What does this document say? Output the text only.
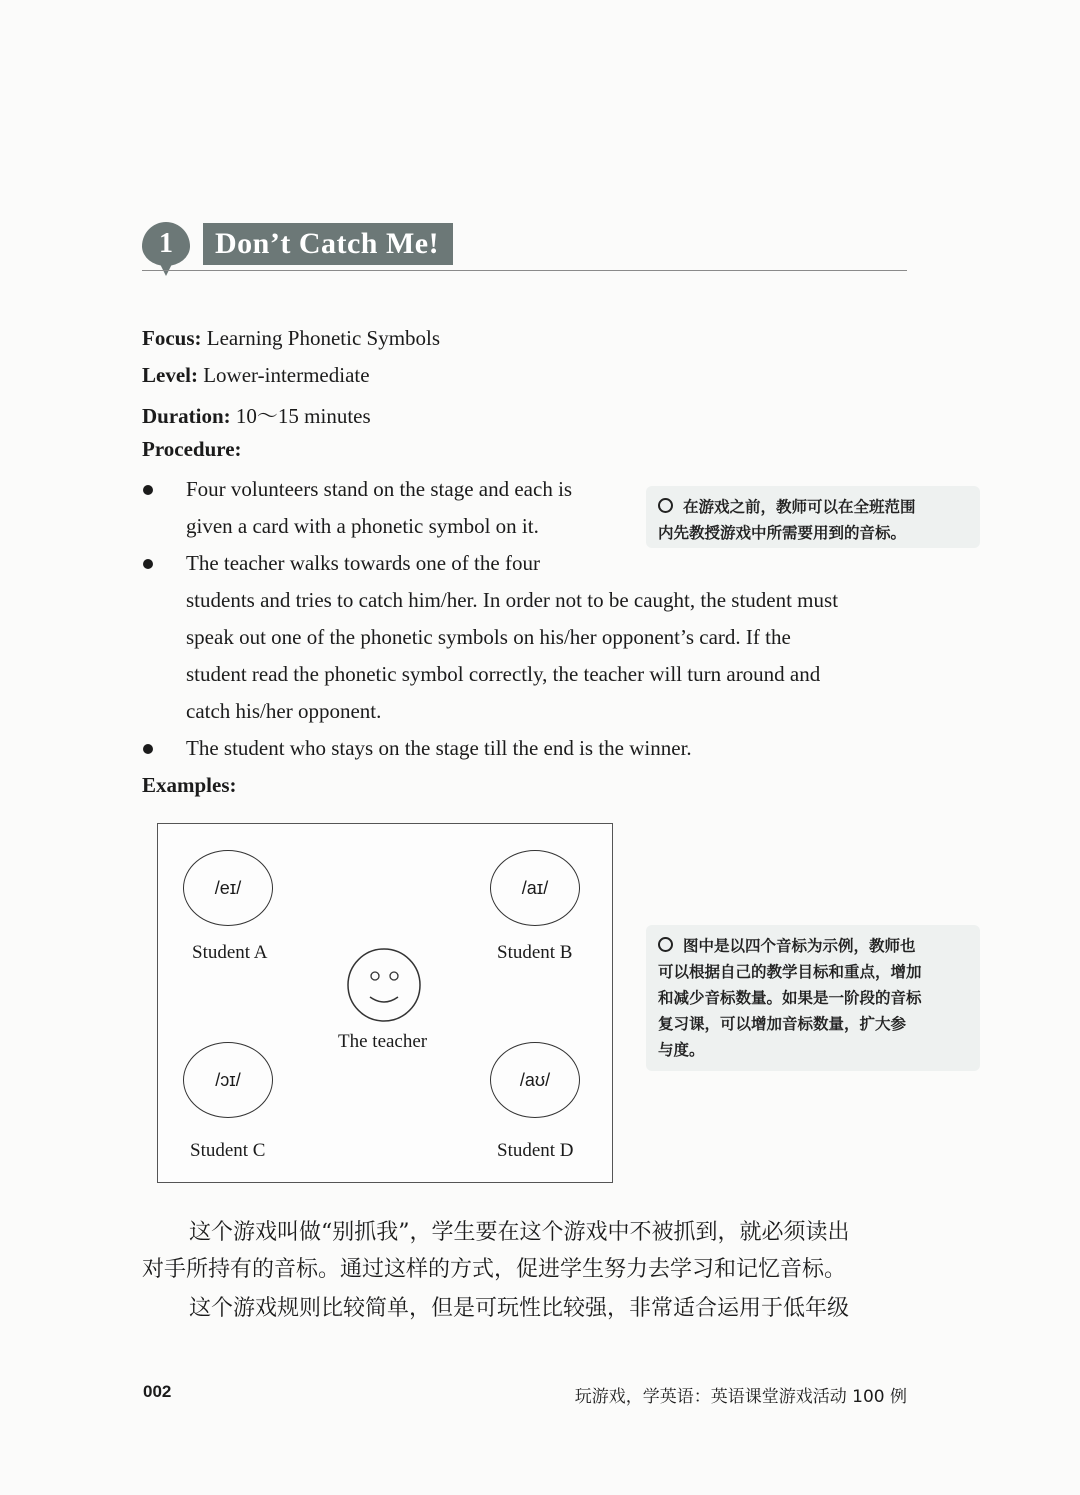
1	Don’t Catch Me!
Focus: Learning Phonetic Symbols
Level: Lower-intermediate
Duration: 10～15 minutes
Procedure:
Four volunteers stand on the stage and each is
given a card with a phonetic symbol on it.
The teacher walks towards one of the four
students and tries to catch him/her. In order not to be caught, the student must
speak out one of the phonetic symbols on his/her opponent’s card. If the
student read the phonetic symbol correctly, the teacher will turn around and
catch his/her opponent.
The student who stays on the stage till the end is the winner.
Examples:
在游戏之前，教师可以在全班范围
内先教授游戏中所需要用到的音标。
图中是以四个音标为示例，教师也
可以根据自己的教学目标和重点，增加
和减少音标数量。如果是一阶段的音标
复习课，可以增加音标数量，扩大参
与度。
/eɪ/
Student A
/aɪ/
Student B
The teacher
/ɔɪ/
Student C
/aʊ/
Student D
这个游戏叫做“别抓我”，学生要在这个游戏中不被抓到，就必须读出
对手所持有的音标。通过这样的方式，促进学生努力去学习和记忆音标。
这个游戏规则比较简单，但是可玩性比较强，非常适合运用于低年级
002	玩游戏，学英语：英语课堂游戏活动 100 例
